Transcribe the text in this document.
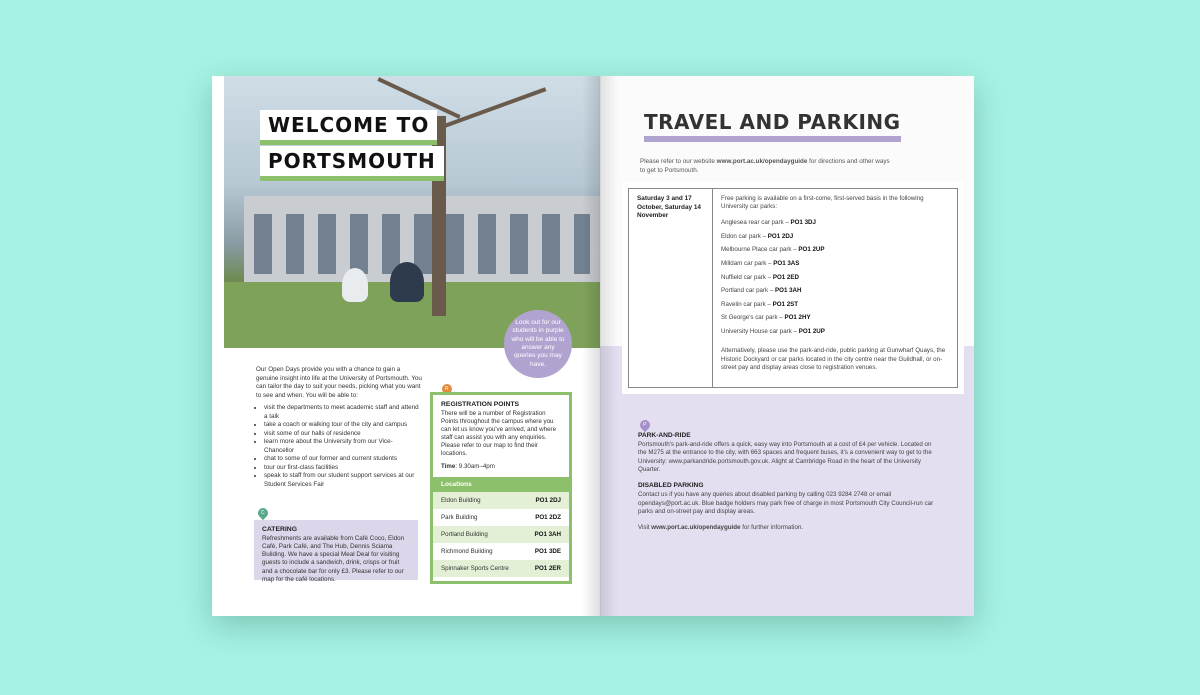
WELCOME TO
PORTSMOUTH
Look out for our students in purple who will be able to answer any queries you may have.
Our Open Days provide you with a chance to gain a genuine insight into life at the University of Portsmouth. You can tailor the day to suit your needs, picking what you want to see and when. You will be able to:
• visit the departments to meet academic staff and attend a talk
• take a coach or walking tour of the city and campus
• visit some of our halls of residence
• learn more about the University from our Vice-Chancellor
• chat to some of our former and current students
• tour our first-class facilities
• speak to staff from our student support services at our Student Services Fair
C
CATERING
Refreshments are available from Café Coco, Eldon Café, Park Café, and The Hub, Dennis Sciama Building. We have a special Meal Deal for visiting guests to include a sandwich, drink, crisps or fruit and a chocolate bar for only £3. Please refer to our map for the café locations.
R
REGISTRATION POINTS
There will be a number of Registration Points throughout the campus where you can let us know you've arrived, and where staff can assist you with any enquiries. Please refer to our map to find their locations.
Time: 9.30am–4pm
Locations
Eldon Building	PO1 2DJ
Park Building	PO1 2DZ
Portland Building	PO1 3AH
Richmond Building	PO1 3DE
Spinnaker Sports Centre	PO1 2ER
TRAVEL AND PARKING
Please refer to our website www.port.ac.uk/opendayguide for directions and other ways to get to Portsmouth.
Saturday 3 and 17 October, Saturday 14 November
Free parking is available on a first-come, first-served basis in the following University car parks:
Anglesea rear car park – PO1 3DJ
Eldon car park – PO1 2DJ
Melbourne Place car park – PO1 2UP
Milldam car park – PO1 3AS
Nuffield car park – PO1 2ED
Portland car park – PO1 3AH
Ravelin car park – PO1 2ST
St George's car park – PO1 2HY
University House car park – PO1 2UP
Alternatively, please use the park-and-ride, public parking at Gunwharf Quays, the Historic Dockyard or car parks located in the city centre near the Guildhall, or on-street pay and display areas close to registration venues.
P
PARK-AND-RIDE
Portsmouth's park-and-ride offers a quick, easy way into Portsmouth at a cost of £4 per vehicle. Located on the M275 at the entrance to the city, with 663 spaces and frequent buses, it's a convenient way to get to the University: www.parkandride.portsmouth.gov.uk. Alight at Cambridge Road in the heart of the University Quarter.
DISABLED PARKING
Contact us if you have any queries about disabled parking by calling 023 9284 2748 or email opendays@port.ac.uk. Blue badge holders may park free of charge in most Portsmouth City Council-run car parks and on-street pay and display areas.
Visit www.port.ac.uk/opendayguide for further information.
